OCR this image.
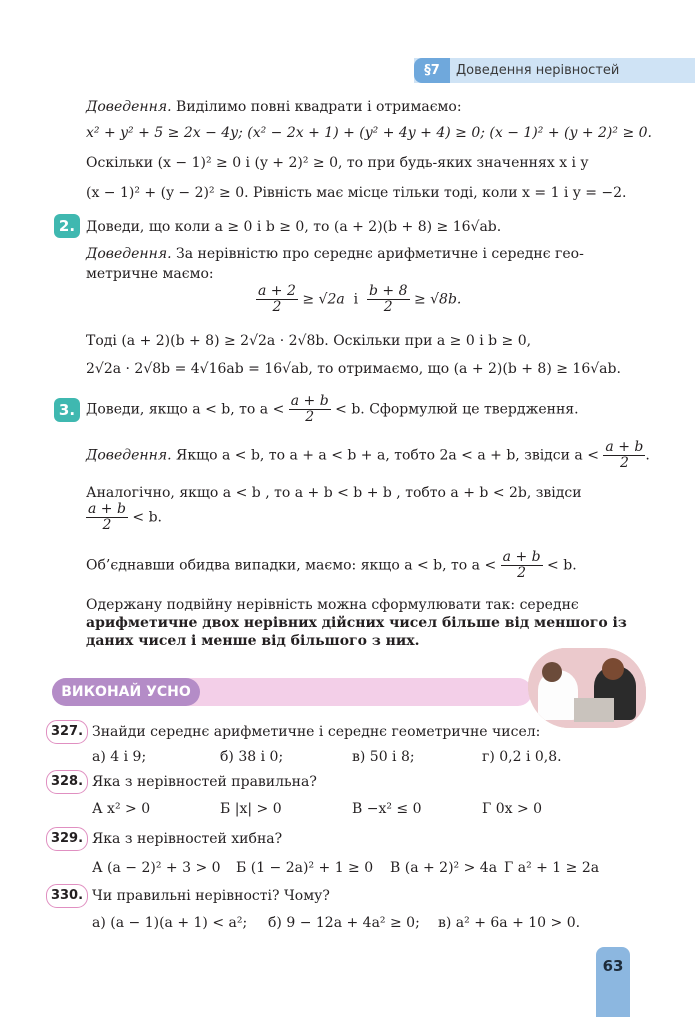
§7	Доведення нерівностей
Доведення. Виділимо повні квадрати і отримаємо:
x² + y² + 5 ≥ 2x − 4y; (x² − 2x + 1) + (y² + 4y + 4) ≥ 0; (x − 1)² + (y + 2)² ≥ 0.
Оскільки (x − 1)² ≥ 0 і (y + 2)² ≥ 0, то при будь-яких значеннях x і y
(x − 1)² + (y − 2)² ≥ 0. Рівність має місце тільки тоді, коли x = 1 і y = −2.
2. Доведи, що коли a ≥ 0 і b ≥ 0, то (a + 2)(b + 8) ≥ 16√ab.
Доведення. За нерівністю про середнє арифметичне і середнє гео-
метричне маємо:
$\frac{a + 2}{2} \ge √2a$ і $\frac{b + 8}{2} \ge √8b$.
Тоді (a + 2)(b + 8) ≥ 2√2a · 2√8b. Оскільки при a ≥ 0 і b ≥ 0,
2√2a · 2√8b = 4√16ab = 16√ab, то отримаємо, що (a + 2)(b + 8) ≥ 16√ab.
3. Доведи, якщо a < b, то $a < \frac{a + b}{2} < b$. Сформулюй це твердження.
Доведення. Якщо a < b, то a + a < b + a, тобто 2a < a + b, звідси $a < \frac{a + b}{2}$ .
Аналогічно, якщо a < b , то a + b < b + b , тобто a + b < 2b, звідси
$\frac{a + b}{2} < b$.
Об’єднавши обидва випадки, маємо: якщо a < b, то $a < \frac{a + b}{2} < b$.
Одержану подвійну нерівність можна сформулювати так: середнє
арифметичне двох нерівних дійсних чисел більше від меншого із
даних чисел і менше від більшого з них.
ВИКОНАЙ УСНО
327. Знайди середнє арифметичне і середнє геометричне чисел:
а) 4 і 9;	б) 38 і 0;	в) 50 і 8;	г) 0,2 і 0,8.
328. Яка з нерівностей правильна?
А x² > 0	Б |x| > 0	В −x² ≤ 0	Г 0x > 0
329. Яка з нерівностей хибна?
А (a − 2)² + 3 > 0 Б (1 − 2a)² + 1 ≥ 0 В (a + 2)² > 4a Г a² + 1 ≥ 2a
330. Чи правильні нерівності? Чому?
а) (a − 1)(a + 1) < a²; б) 9 − 12a + 4a² ≥ 0; в) a² + 6a + 10 > 0.
63
